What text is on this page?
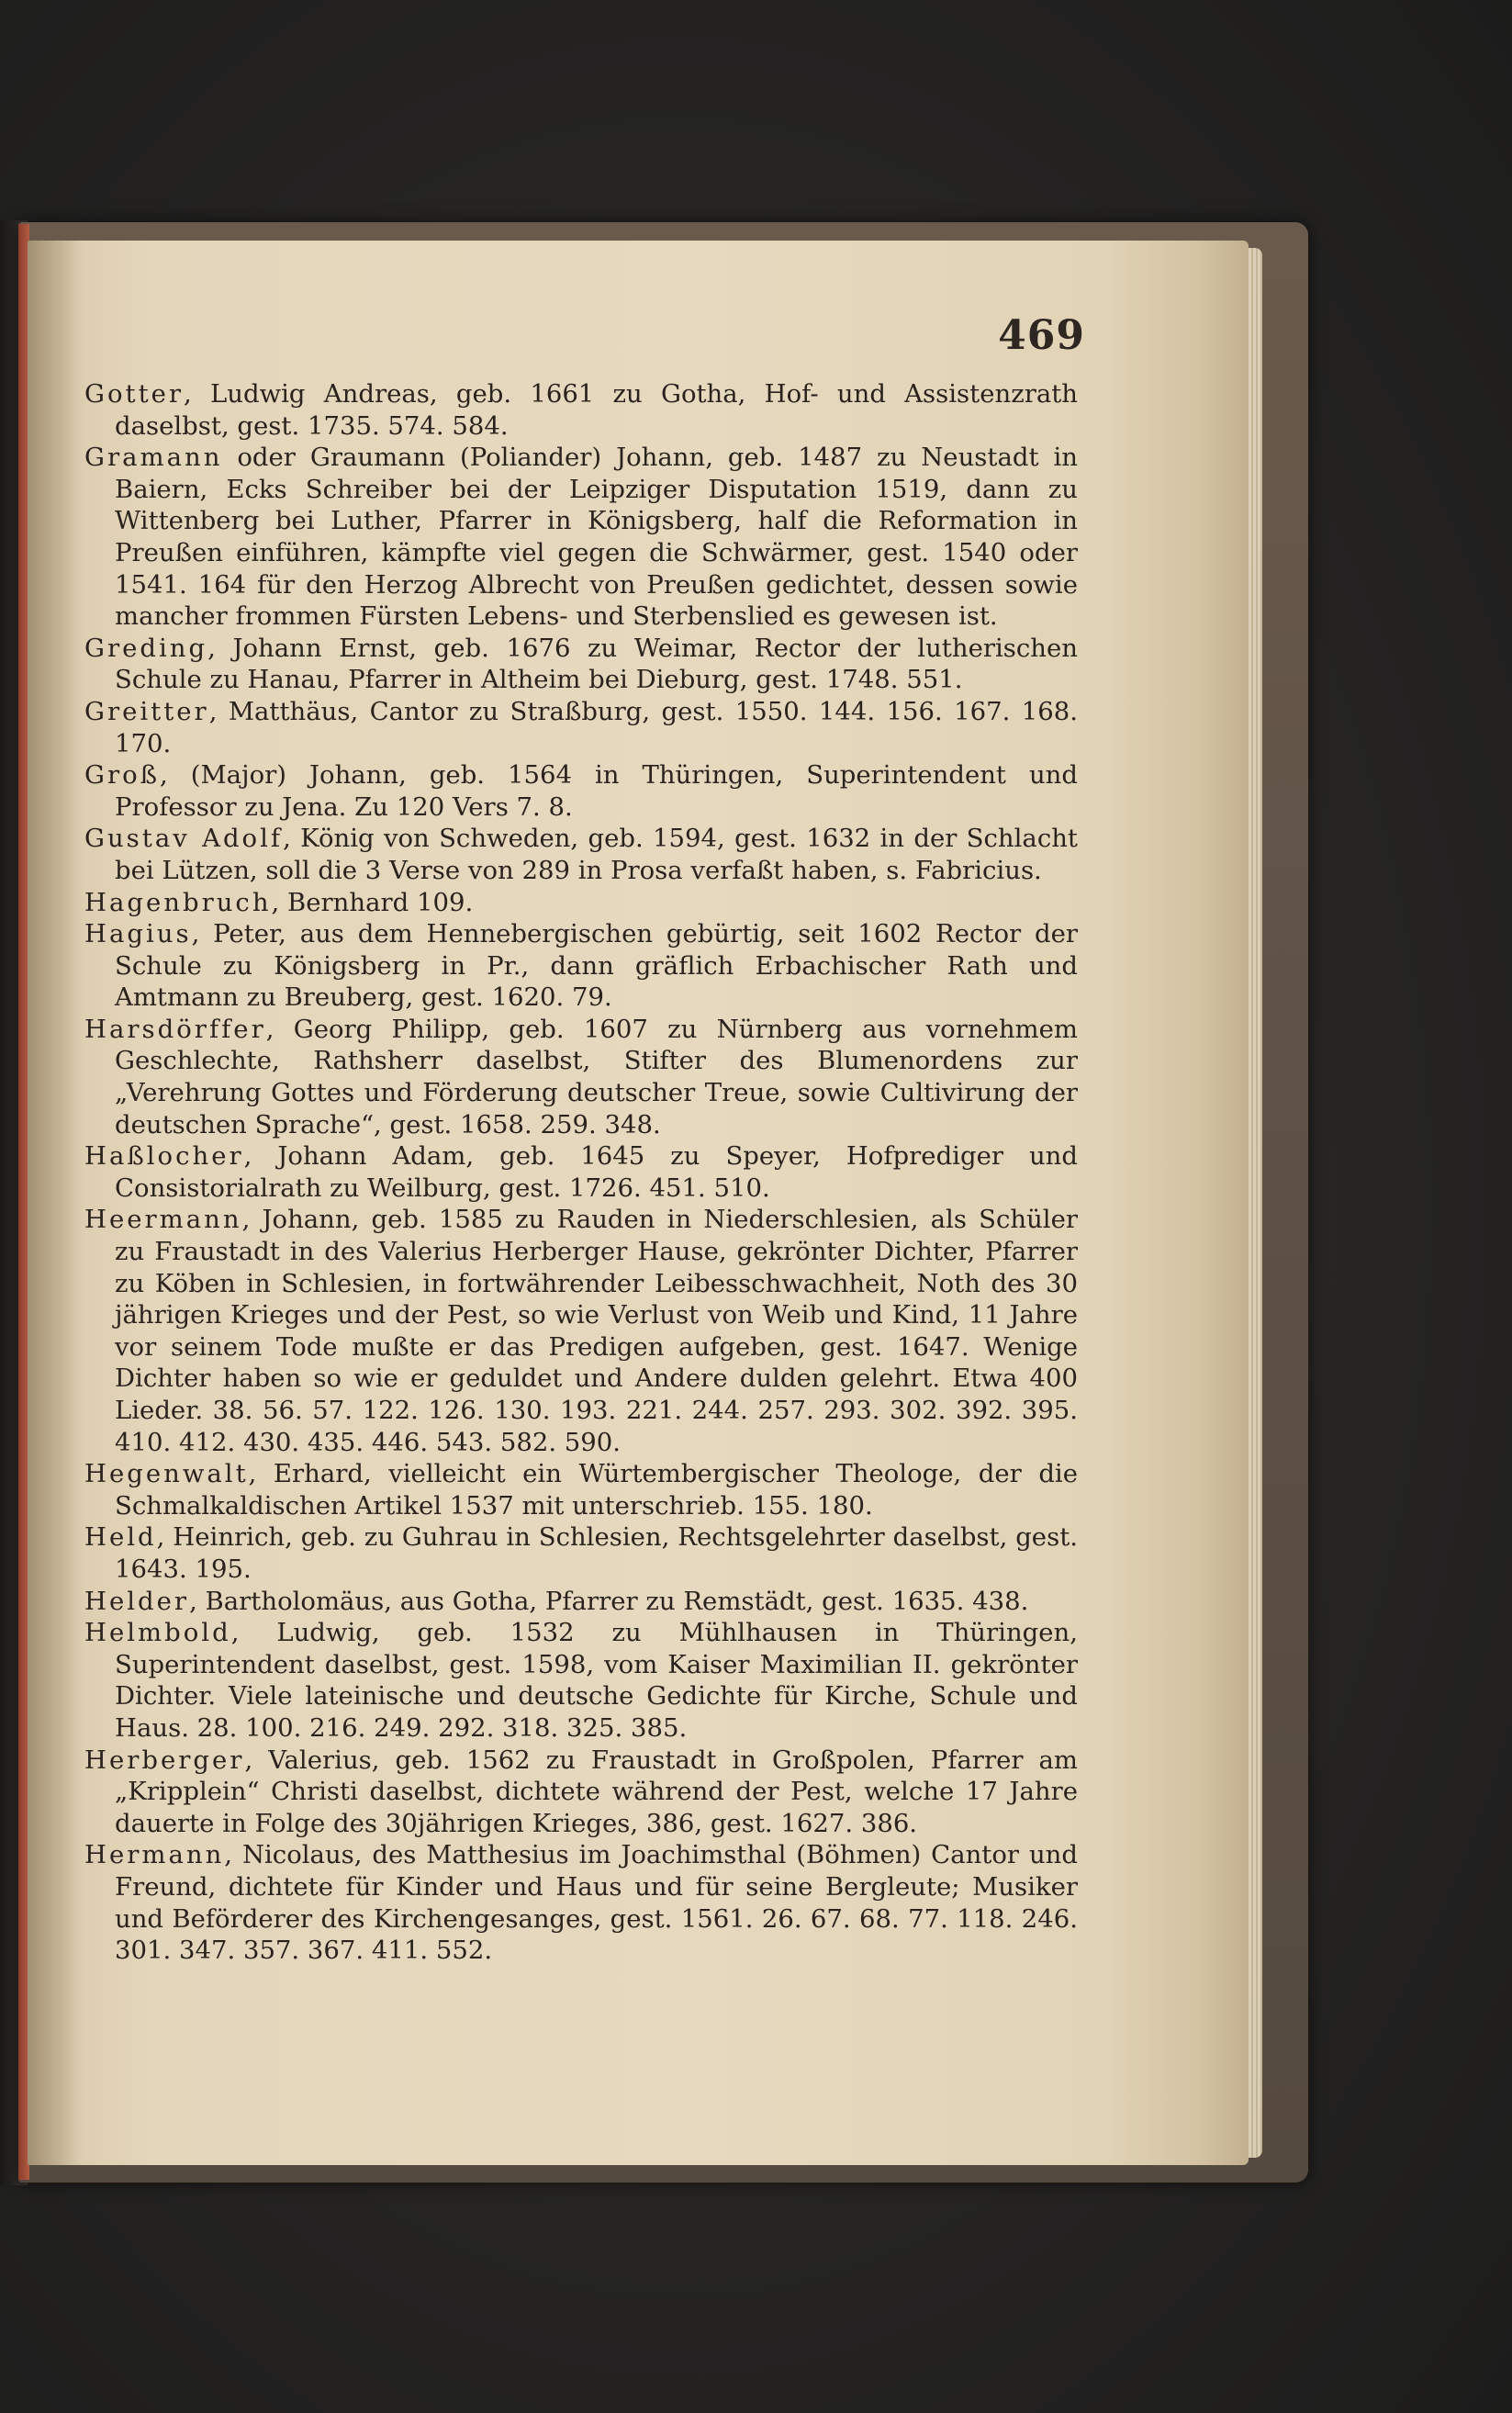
469

Gotter, Ludwig Andreas, geb. 1661 zu Gotha, Hof- und Assistenzrath daselbst, gest. 1735. 574. 584.

Gramann oder Graumann (Poliander) Johann, geb. 1487 zu Neustadt in Baiern, Ecks Schreiber bei der Leipziger Disputation 1519, dann zu Wittenberg bei Luther, Pfarrer in Königsberg, half die Reformation in Preußen einführen, kämpfte viel gegen die Schwärmer, gest. 1540 oder 1541. 164 für den Herzog Albrecht von Preußen gedichtet, dessen sowie mancher frommen Fürsten Lebens- und Sterbenslied es gewesen ist.

Greding, Johann Ernst, geb. 1676 zu Weimar, Rector der lutherischen Schule zu Hanau, Pfarrer in Altheim bei Dieburg, gest. 1748. 551.

Greitter, Matthäus, Cantor zu Straßburg, gest. 1550. 144. 156. 167. 168. 170.

Groß, (Major) Johann, geb. 1564 in Thüringen, Superintendent und Professor zu Jena. Zu 120 Vers 7. 8.

Gustav Adolf, König von Schweden, geb. 1594, gest. 1632 in der Schlacht bei Lützen, soll die 3 Verse von 289 in Prosa verfaßt haben, s. Fabricius.

Hagenbruch, Bernhard 109.

Hagius, Peter, aus dem Hennebergischen gebürtig, seit 1602 Rector der Schule zu Königsberg in Pr., dann gräflich Erbachischer Rath und Amtmann zu Breuberg, gest. 1620. 79.

Harsdörffer, Georg Philipp, geb. 1607 zu Nürnberg aus vornehmem Geschlechte, Rathsherr daselbst, Stifter des Blumenordens zur „Verehrung Gottes und Förderung deutscher Treue, sowie Cultivirung der deutschen Sprache“, gest. 1658. 259. 348.

Haßlocher, Johann Adam, geb. 1645 zu Speyer, Hofprediger und Consistorialrath zu Weilburg, gest. 1726. 451. 510.

Heermann, Johann, geb. 1585 zu Rauden in Niederschlesien, als Schüler zu Fraustadt in des Valerius Herberger Hause, gekrönter Dichter, Pfarrer zu Köben in Schlesien, in fortwährender Leibesschwachheit, Noth des 30 jährigen Krieges und der Pest, so wie Verlust von Weib und Kind, 11 Jahre vor seinem Tode mußte er das Predigen aufgeben, gest. 1647. Wenige Dichter haben so wie er geduldet und Andere dulden gelehrt. Etwa 400 Lieder. 38. 56. 57. 122. 126. 130. 193. 221. 244. 257. 293. 302. 392. 395. 410. 412. 430. 435. 446. 543. 582. 590.

Hegenwalt, Erhard, vielleicht ein Würtembergischer Theologe, der die Schmalkaldischen Artikel 1537 mit unterschrieb. 155. 180.

Held, Heinrich, geb. zu Guhrau in Schlesien, Rechtsgelehrter daselbst, gest. 1643. 195.

Helder, Bartholomäus, aus Gotha, Pfarrer zu Remstädt, gest. 1635. 438.

Helmbold, Ludwig, geb. 1532 zu Mühlhausen in Thüringen, Superintendent daselbst, gest. 1598, vom Kaiser Maximilian II. gekrönter Dichter. Viele lateinische und deutsche Gedichte für Kirche, Schule und Haus. 28. 100. 216. 249. 292. 318. 325. 385.

Herberger, Valerius, geb. 1562 zu Fraustadt in Großpolen, Pfarrer am „Kripplein“ Christi daselbst, dichtete während der Pest, welche 17 Jahre dauerte in Folge des 30jährigen Krieges, 386, gest. 1627. 386.

Hermann, Nicolaus, des Matthesius im Joachimsthal (Böhmen) Cantor und Freund, dichtete für Kinder und Haus und für seine Bergleute; Musiker und Beförderer des Kirchengesanges, gest. 1561. 26. 67. 68. 77. 118. 246. 301. 347. 357. 367. 411. 552.
